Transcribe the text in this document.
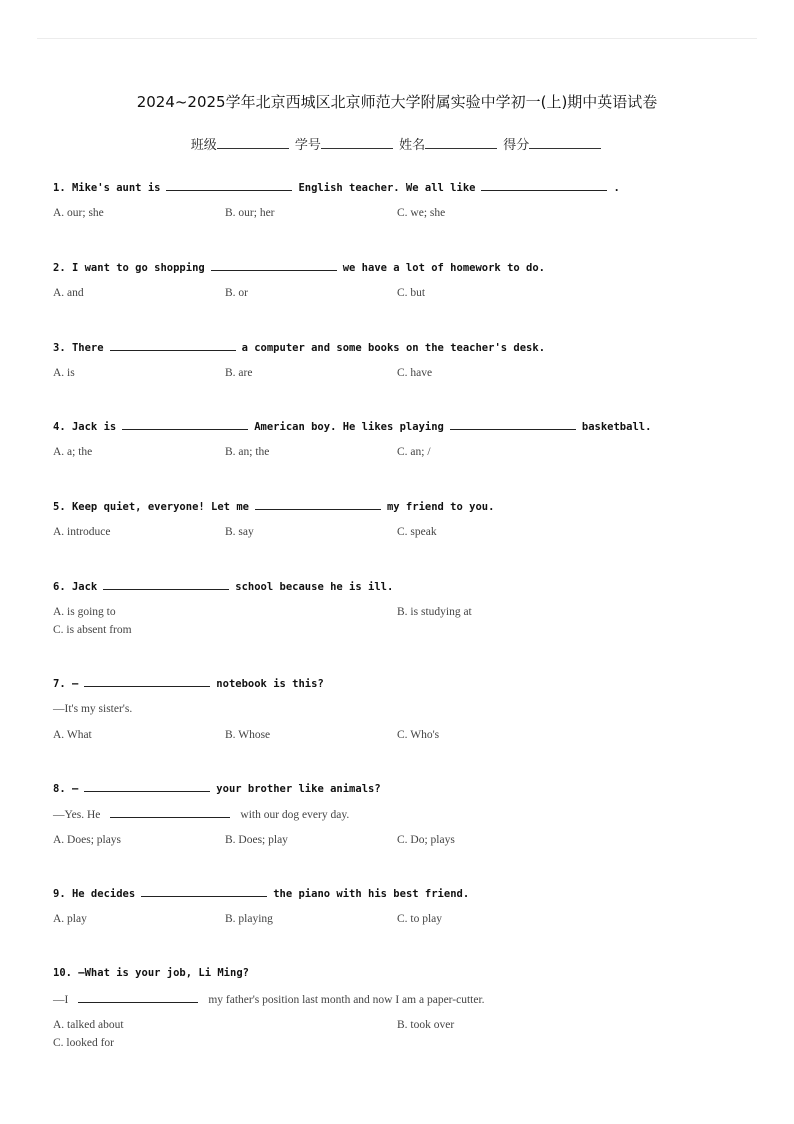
2024~2025学年北京西城区北京师范大学附属实验中学初一(上)期中英语试卷
班级	学号	姓名	得分
1. Mike's aunt is	English teacher. We all like	.
A. our; she	B. our; her	C. we; she
2. I want to go shopping	we have a lot of homework to do.
A. and	B. or	C. but
3. There	a computer and some books on the teacher's desk.
A. is	B. are	C. have
4. Jack is	American boy. He likes playing	basketball.
A. a; the	B. an; the	C. an; /
5. Keep quiet, everyone! Let me	my friend to you.
A. introduce	B. say	C. speak
6. Jack	school because he is ill.
A. is going to	B. is studying at
C. is absent from
7. —	notebook is this?
—It's my sister's.
A. What	B. Whose	C. Who's
8. —	your brother like animals?
—Yes. He	with our dog every day.
A. Does; plays	B. Does; play	C. Do; plays
9. He decides	the piano with his best friend.
A. play	B. playing	C. to play
10. —What is your job, Li Ming?
—I	my father's position last month and now I am a paper-cutter.
A. talked about	B. took over
C. looked for
